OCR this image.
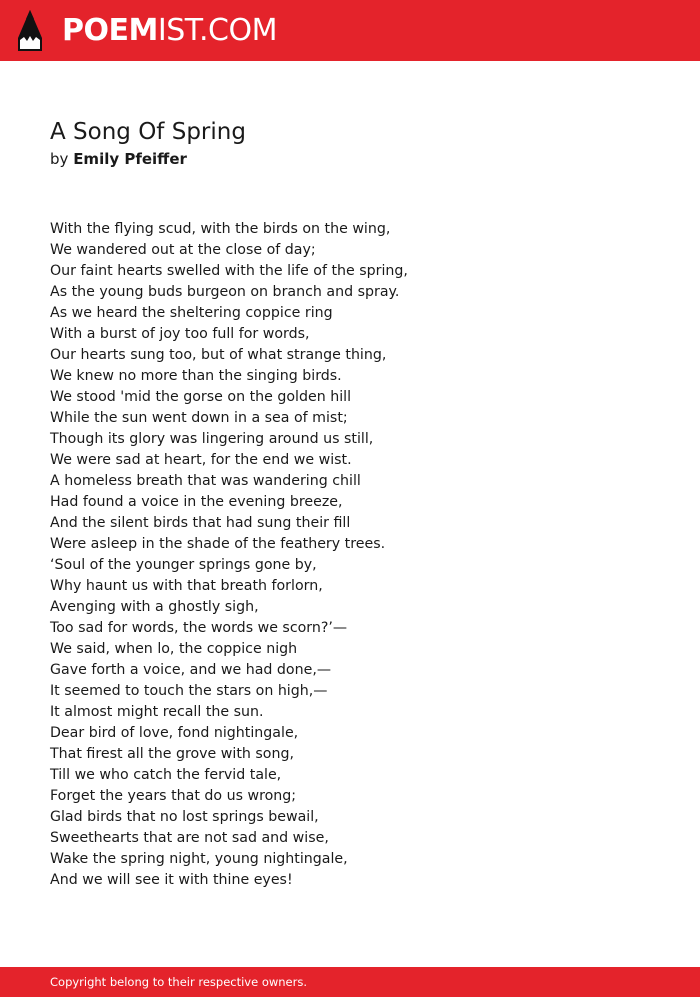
POEMIST.COM
A Song Of Spring
by Emily Pfeiffer
With the flying scud, with the birds on the wing,
We wandered out at the close of day;
Our faint hearts swelled with the life of the spring,
As the young buds burgeon on branch and spray.
As we heard the sheltering coppice ring
With a burst of joy too full for words,
Our hearts sung too, but of what strange thing,
We knew no more than the singing birds.
We stood 'mid the gorse on the golden hill
While the sun went down in a sea of mist;
Though its glory was lingering around us still,
We were sad at heart, for the end we wist.
A homeless breath that was wandering chill
Had found a voice in the evening breeze,
And the silent birds that had sung their fill
Were asleep in the shade of the feathery trees.
‘Soul of the younger springs gone by,
Why haunt us with that breath forlorn,
Avenging with a ghostly sigh,
Too sad for words, the words we scorn?’—
We said, when lo, the coppice nigh
Gave forth a voice, and we had done,—
It seemed to touch the stars on high,—
It almost might recall the sun.
Dear bird of love, fond nightingale,
That firest all the grove with song,
Till we who catch the fervid tale,
Forget the years that do us wrong;
Glad birds that no lost springs bewail,
Sweethearts that are not sad and wise,
Wake the spring night, young nightingale,
And we will see it with thine eyes!
Copyright belong to their respective owners.
